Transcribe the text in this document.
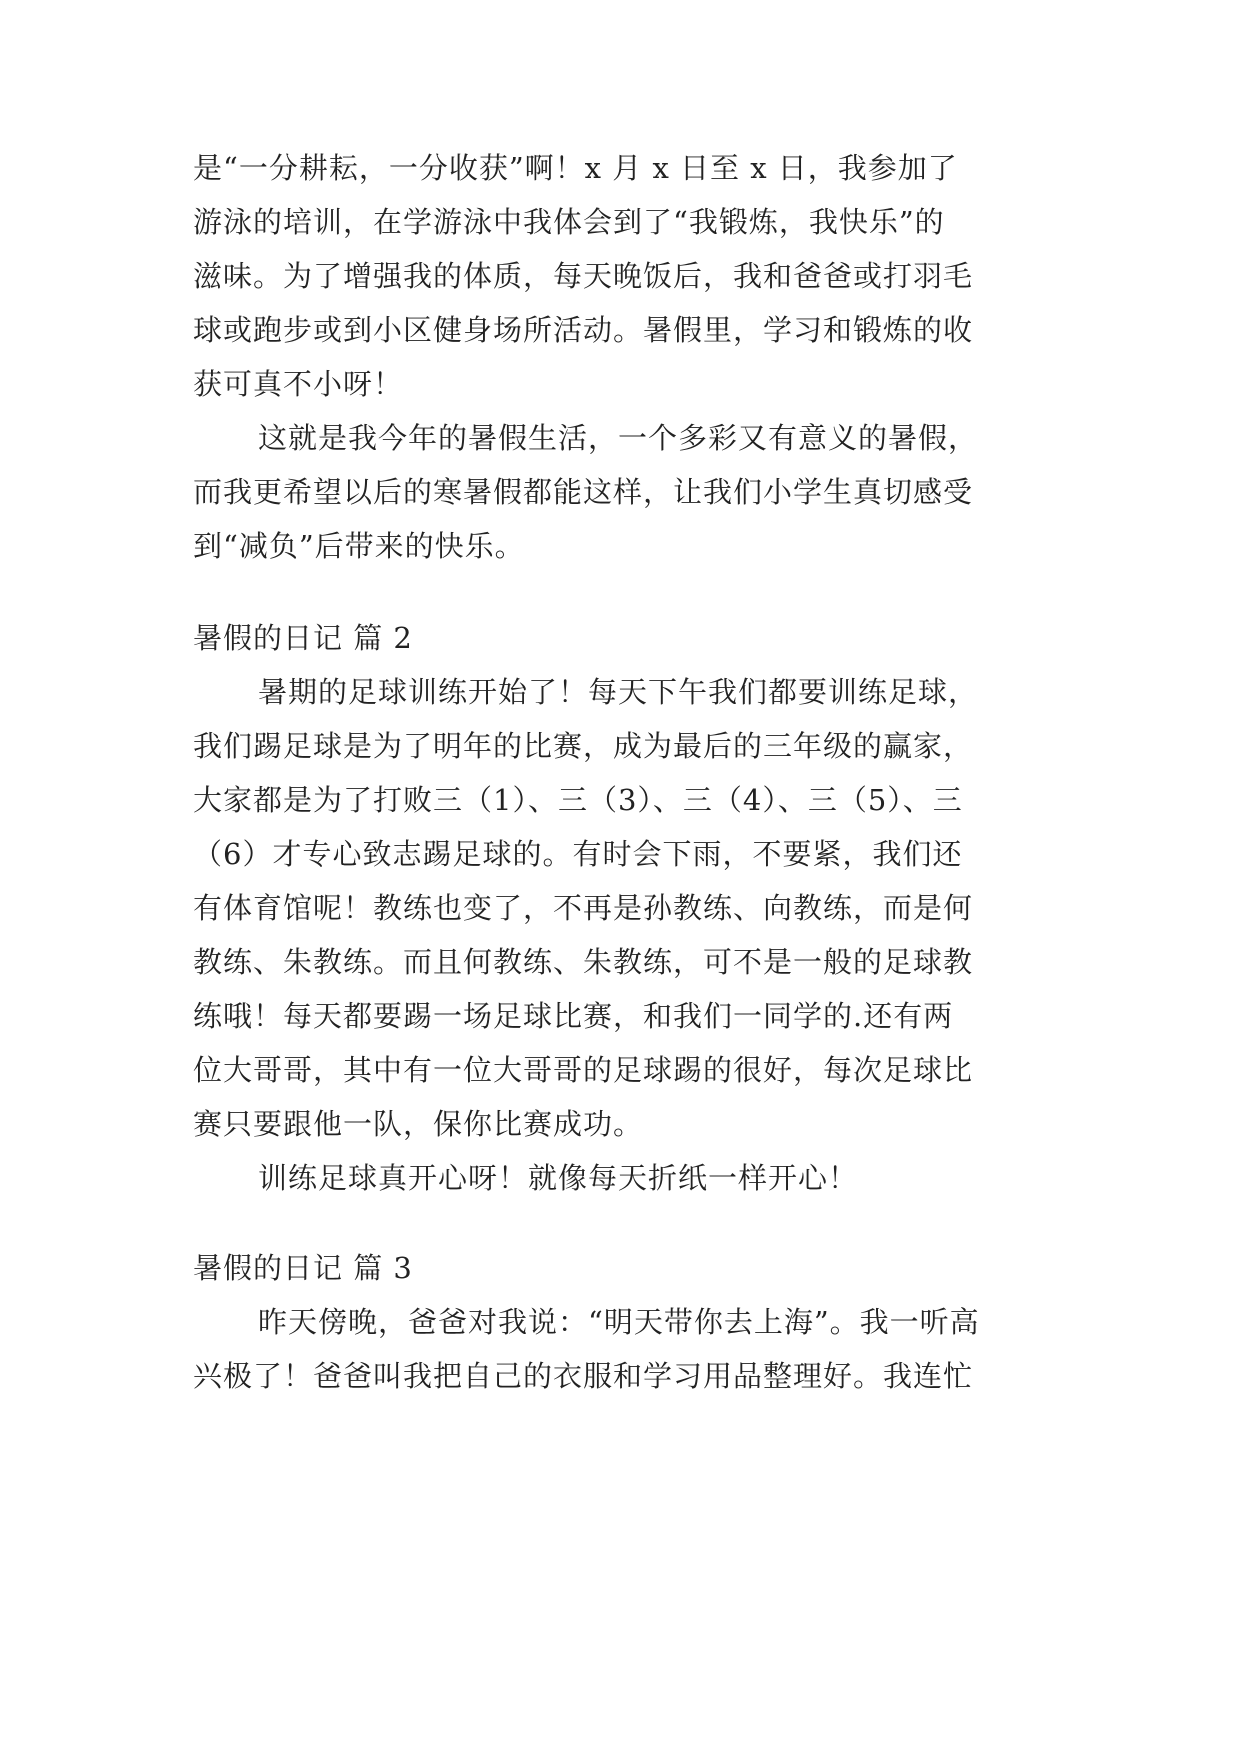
是“一分耕耘，一分收获”啊！x 月 x 日至 x 日，我参加了
游泳的培训，在学游泳中我体会到了“我锻炼，我快乐”的
滋味。为了增强我的体质，每天晚饭后，我和爸爸或打羽毛
球或跑步或到小区健身场所活动。暑假里，学习和锻炼的收
获可真不小呀！
这就是我今年的暑假生活，一个多彩又有意义的暑假，
而我更希望以后的寒暑假都能这样，让我们小学生真切感受
到“减负”后带来的快乐。
暑假的日记 篇 2
暑期的足球训练开始了！每天下午我们都要训练足球，
我们踢足球是为了明年的比赛，成为最后的三年级的赢家，
大家都是为了打败三（1）、三（3）、三（4）、三（5）、三
（6）才专心致志踢足球的。有时会下雨，不要紧，我们还
有体育馆呢！教练也变了，不再是孙教练、向教练，而是何
教练、朱教练。而且何教练、朱教练，可不是一般的足球教
练哦！每天都要踢一场足球比赛，和我们一同学的.还有两
位大哥哥，其中有一位大哥哥的足球踢的很好，每次足球比
赛只要跟他一队，保你比赛成功。
训练足球真开心呀！就像每天折纸一样开心！
暑假的日记 篇 3
昨天傍晚，爸爸对我说：“明天带你去上海”。我一听高
兴极了！爸爸叫我把自己的衣服和学习用品整理好。我连忙
